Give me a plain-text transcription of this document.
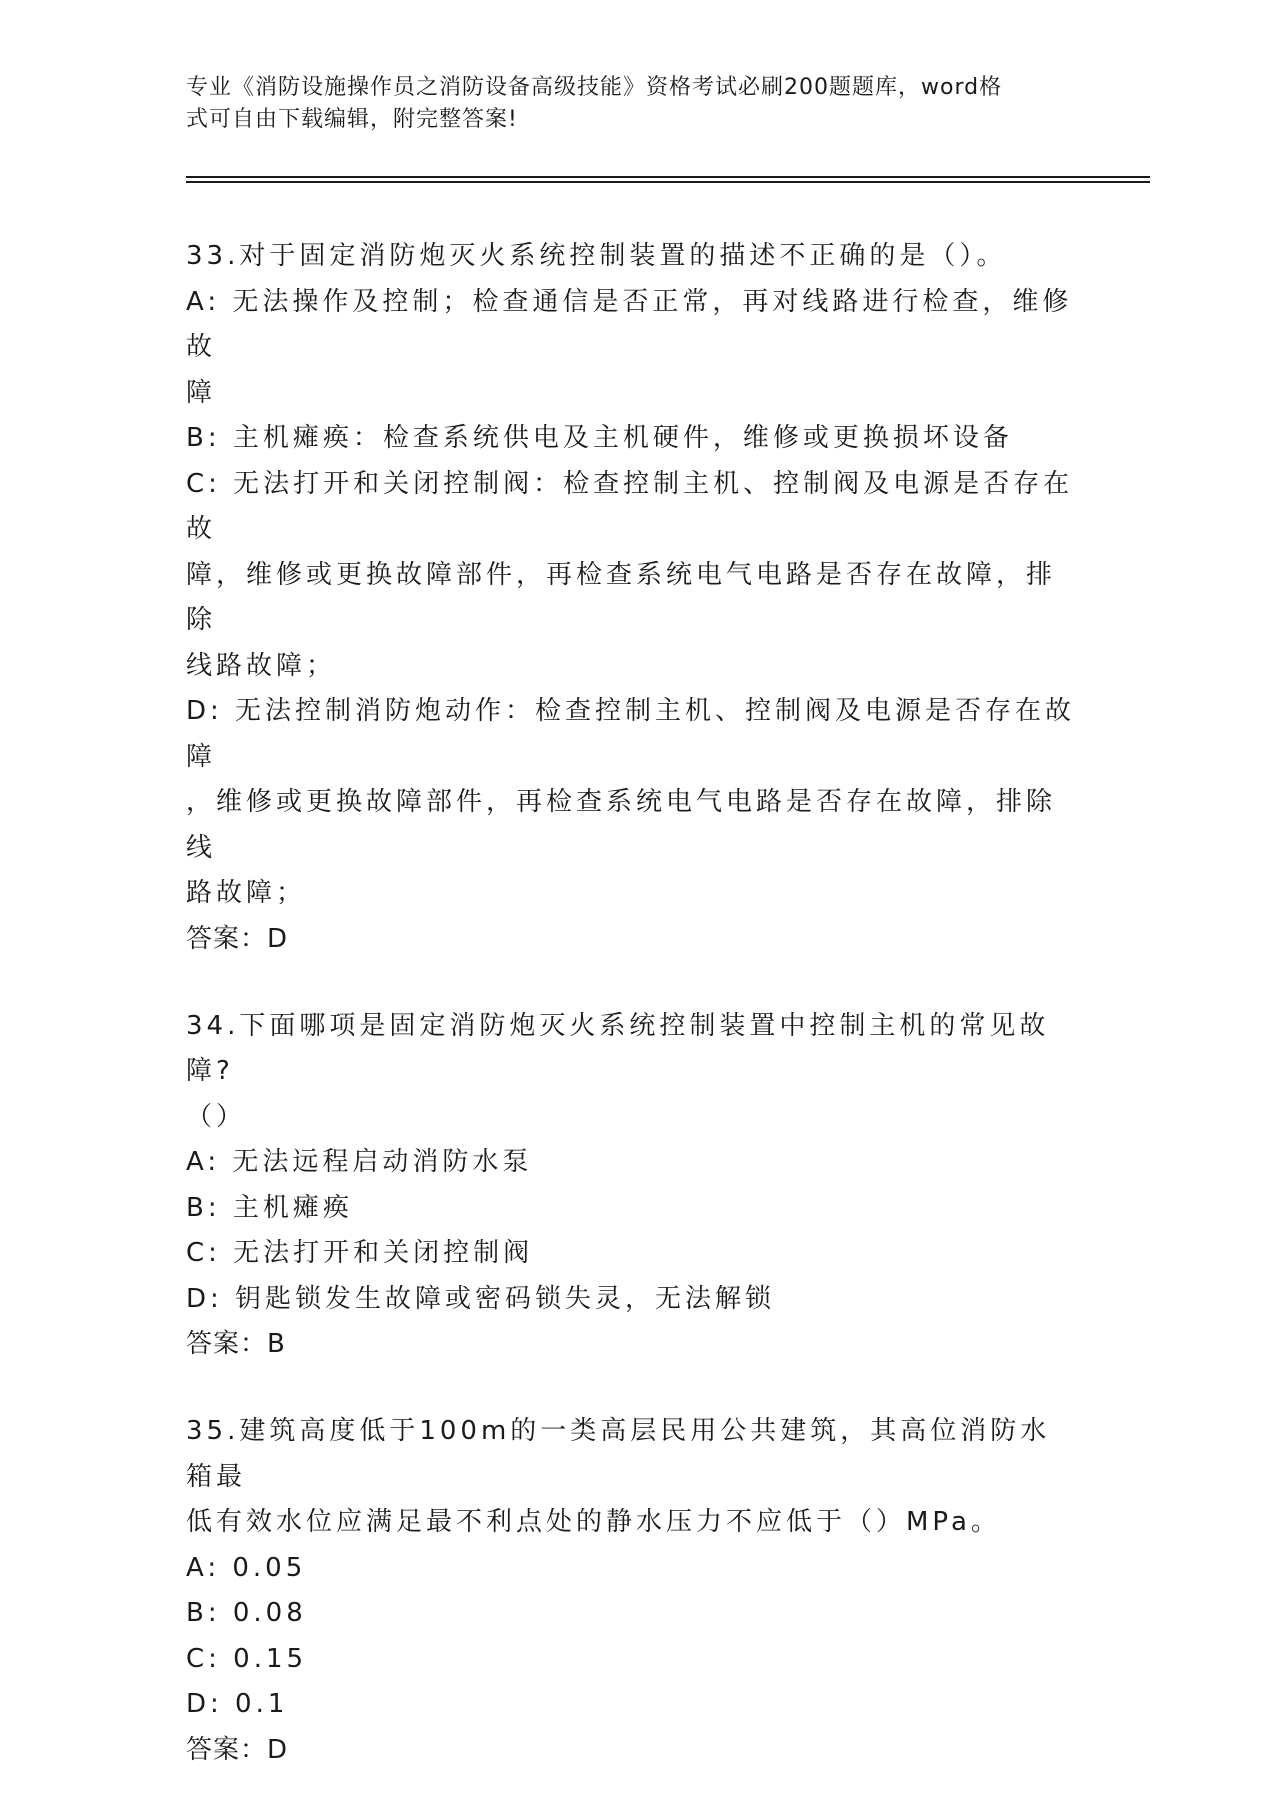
专业《消防设施操作员之消防设备高级技能》资格考试必刷200题题库，word格
式可自由下载编辑，附完整答案!
33.对于固定消防炮灭火系统控制装置的描述不正确的是（）。
A: 无法操作及控制；检查通信是否正常，再对线路进行检查，维修故
障
B: 主机瘫痪：检查系统供电及主机硬件，维修或更换损坏设备
C: 无法打开和关闭控制阀：检查控制主机、控制阀及电源是否存在故
障，维修或更换故障部件，再检查系统电气电路是否存在故障，排除
线路故障；
D: 无法控制消防炮动作：检查控制主机、控制阀及电源是否存在故障
，维修或更换故障部件，再检查系统电气电路是否存在故障，排除线
路故障；
答案：D
34.下面哪项是固定消防炮灭火系统控制装置中控制主机的常见故障?
（）
A: 无法远程启动消防水泵
B: 主机瘫痪
C: 无法打开和关闭控制阀
D: 钥匙锁发生故障或密码锁失灵，无法解锁
答案：B
35.建筑高度低于100m的一类高层民用公共建筑，其高位消防水箱最
低有效水位应满足最不利点处的静水压力不应低于（）MPa。
A: 0.05
B: 0.08
C: 0.15
D: 0.1
答案：D
